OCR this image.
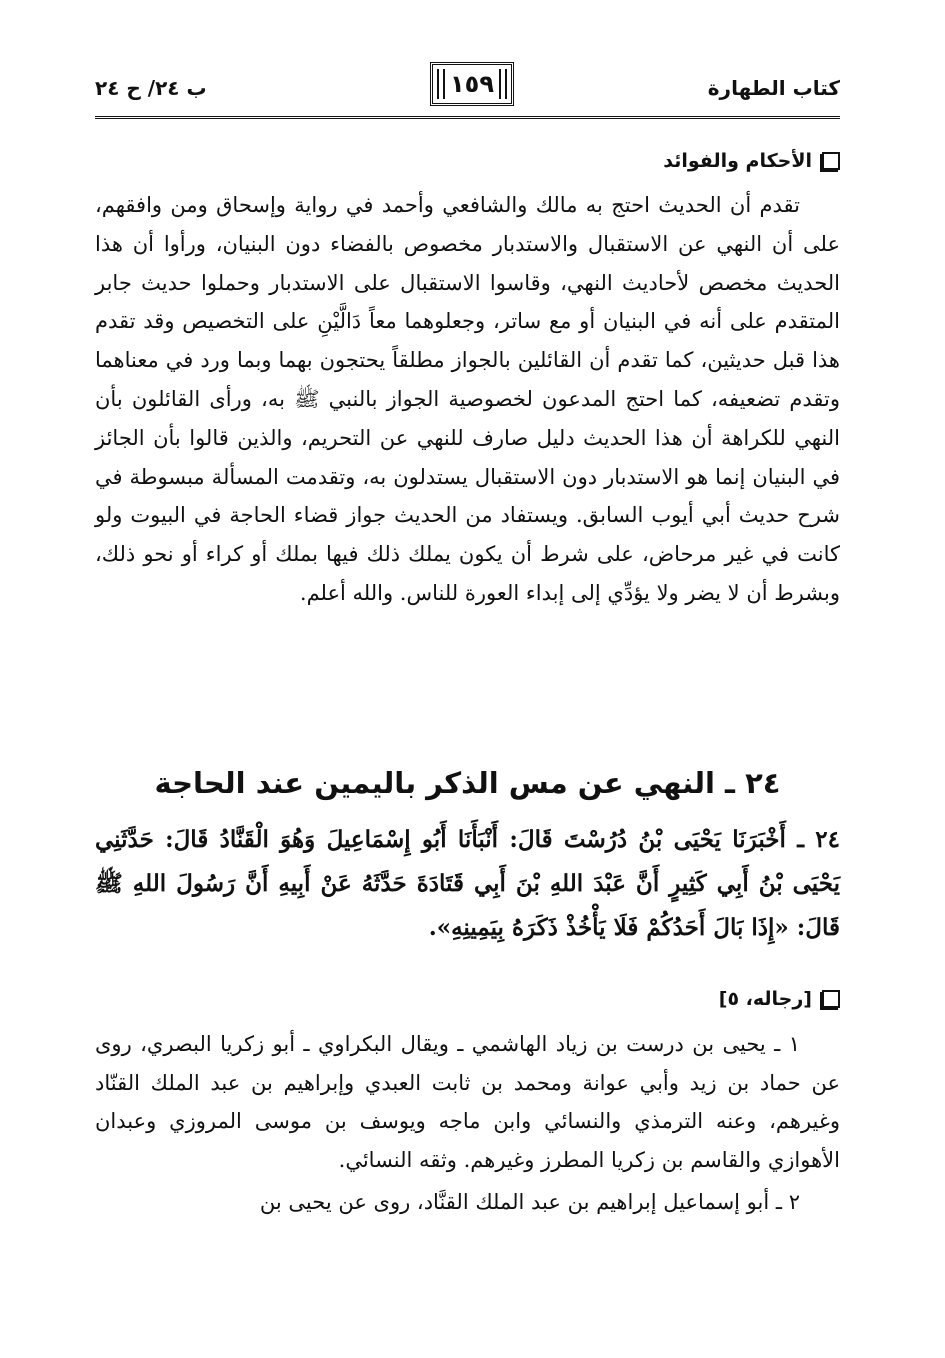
كتاب الطهارة
١٥٩
ب ٢٤/ ح ٢٤
الأحكام والفوائد

تقدم أن الحديث احتج به مالك والشافعي وأحمد في رواية وإسحاق ومن وافقهم، على أن النهي عن الاستقبال والاستدبار مخصوص بالفضاء دون البنيان، ورأوا أن هذا الحديث مخصص لأحاديث النهي، وقاسوا الاستقبال على الاستدبار وحملوا حديث جابر المتقدم على أنه في البنيان أو مع ساتر، وجعلوهما معاً دَالَّيْنِ على التخصيص وقد تقدم هذا قبل حديثين، كما تقدم أن القائلين بالجواز مطلقاً يحتجون بهما وبما ورد في معناهما وتقدم تضعيفه، كما احتج المدعون لخصوصية الجواز بالنبي ﷺ به، ورأى القائلون بأن النهي للكراهة أن هذا الحديث دليل صارف للنهي عن التحريم، والذين قالوا بأن الجائز في البنيان إنما هو الاستدبار دون الاستقبال يستدلون به، وتقدمت المسألة مبسوطة في شرح حديث أبي أيوب السابق. ويستفاد من الحديث جواز قضاء الحاجة في البيوت ولو كانت في غير مرحاض، على شرط أن يكون يملك ذلك فيها بملك أو كراء أو نحو ذلك، وبشرط أن لا يضر ولا يؤدِّي إلى إبداء العورة للناس. والله أعلم.

٢٤ ـ النهي عن مس الذكر باليمين عند الحاجة

٢٤ ـ أَخْبَرَنَا يَحْيَى بْنُ دُرُسْتَ قَالَ: أَنْبَأَنَا أَبُو إِسْمَاعِيلَ وَهُوَ الْقَنَّادُ قَالَ: حَدَّثَنِي يَحْيَى بْنُ أَبِي كَثِيرٍ أَنَّ عَبْدَ اللهِ بْنَ أَبِي قَتَادَةَ حَدَّثَهُ عَنْ أَبِيهِ أَنَّ رَسُولَ اللهِ ﷺ قَالَ: «إِذَا بَالَ أَحَدُكُمْ فَلَا يَأْخُذْ ذَكَرَهُ بِيَمِينِهِ».

[رجاله، ٥]

١ ـ يحيى بن درست بن زياد الهاشمي ـ ويقال البكراوي ـ أبو زكريا البصري، روى عن حماد بن زيد وأبي عوانة ومحمد بن ثابت العبدي وإبراهيم بن عبد الملك القنّاد وغيرهم، وعنه الترمذي والنسائي وابن ماجه ويوسف بن موسى المروزي وعبدان الأهوازي والقاسم بن زكريا المطرز وغيرهم. وثقه النسائي.

٢ ـ أبو إسماعيل إبراهيم بن عبد الملك القنَّاد، روى عن يحيى بن
